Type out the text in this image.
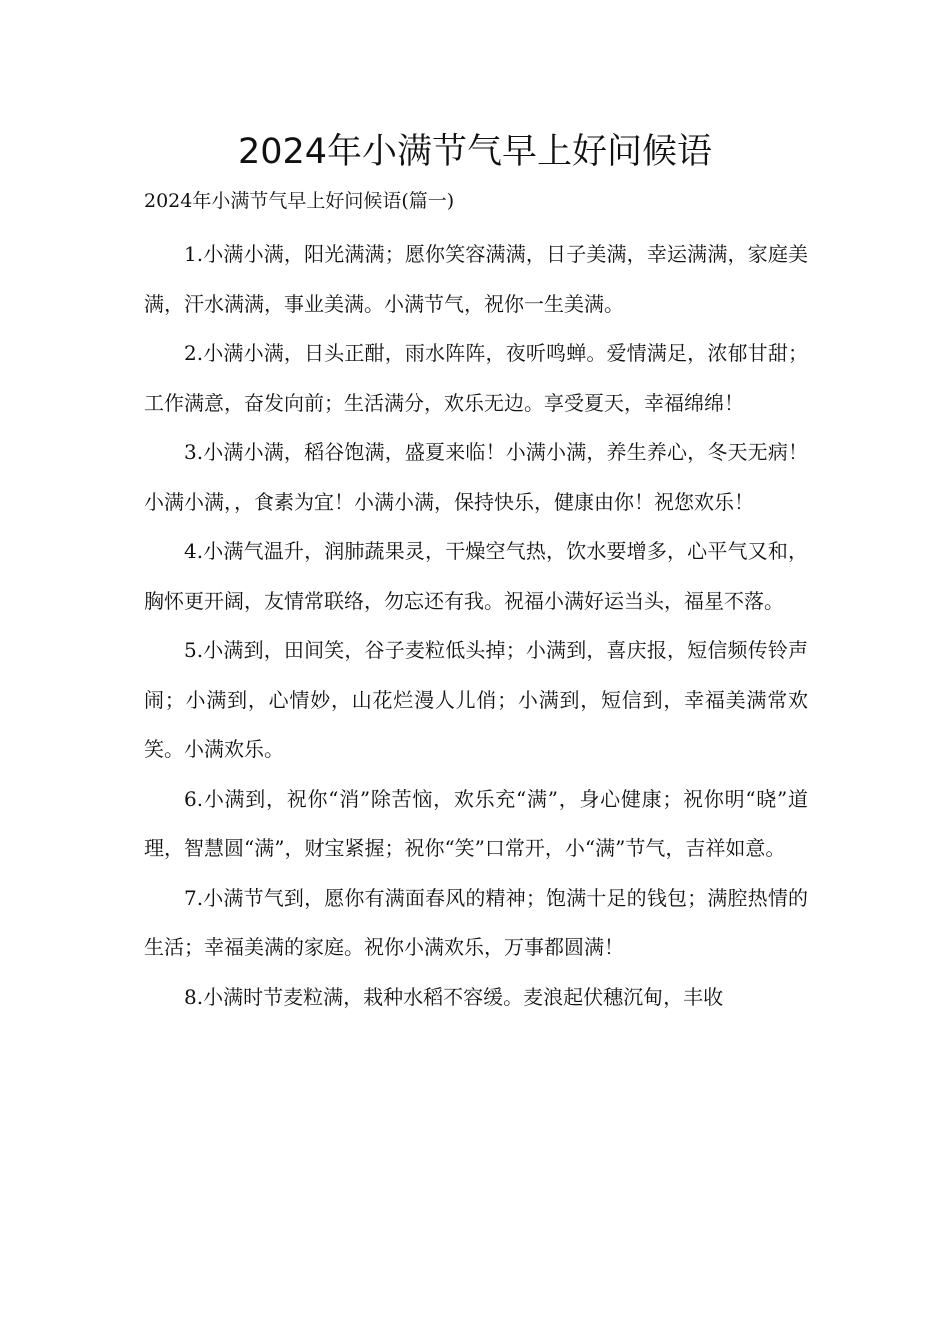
2024年小满节气早上好问候语

2024年小满节气早上好问候语(篇一)

1.小满小满，阳光满满；愿你笑容满满，日子美满，幸运满满，家庭美满，汗水满满，事业美满。小满节气，祝你一生美满。

2.小满小满，日头正酣，雨水阵阵，夜听鸣蝉。爱情满足，浓郁甘甜；工作满意，奋发向前；生活满分，欢乐无边。享受夏天，幸福绵绵！

3.小满小满，稻谷饱满，盛夏来临！小满小满，养生养心，冬天无病！小满小满，，食素为宜！小满小满，保持快乐，健康由你！祝您欢乐！

4.小满气温升，润肺蔬果灵，干燥空气热，饮水要增多，心平气又和，胸怀更开阔，友情常联络，勿忘还有我。祝福小满好运当头，福星不落。

5.小满到，田间笑，谷子麦粒低头掉；小满到，喜庆报，短信频传铃声闹；小满到，心情妙，山花烂漫人儿俏；小满到，短信到，幸福美满常欢笑。小满欢乐。

6.小满到，祝你“消”除苦恼，欢乐充“满”，身心健康；祝你明“晓”道理，智慧圆“满”，财宝紧握；祝你“笑”口常开，小“满”节气，吉祥如意。

7.小满节气到，愿你有满面春风的精神；饱满十足的钱包；满腔热情的生活；幸福美满的家庭。祝你小满欢乐，万事都圆满！

8.小满时节麦粒满，栽种水稻不容缓。麦浪起伏穗沉甸，丰收
